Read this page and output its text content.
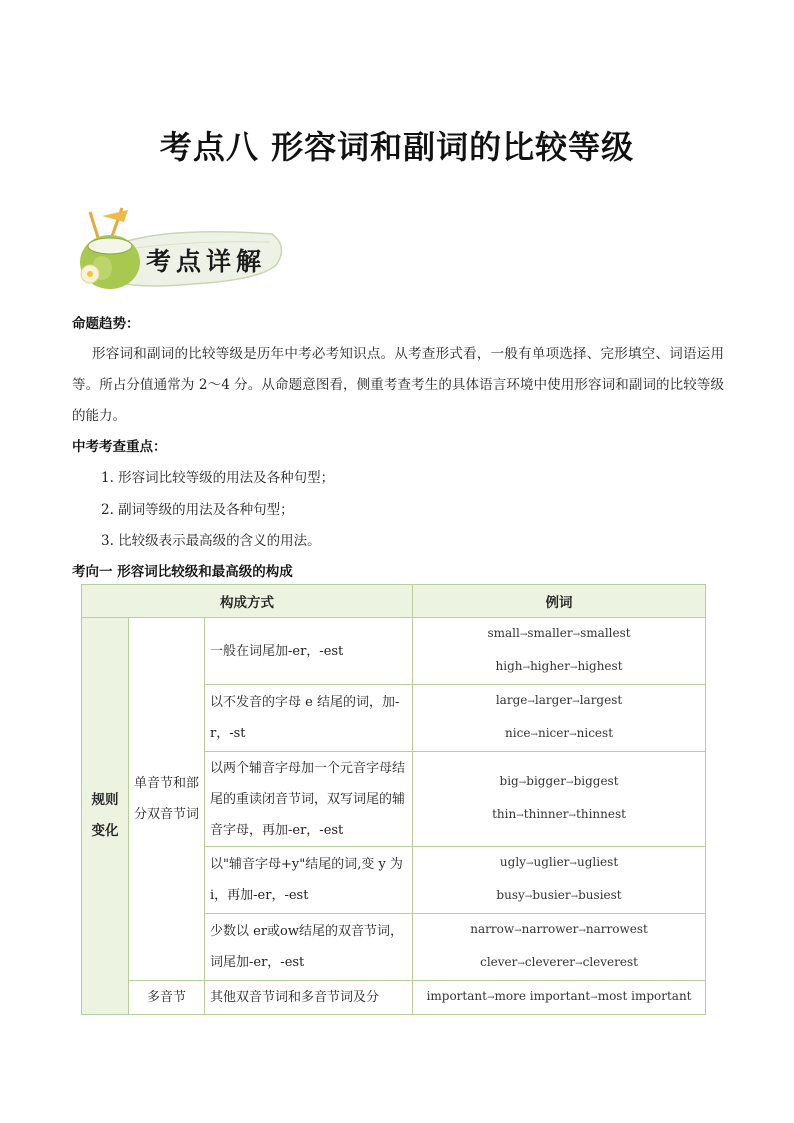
考点八 形容词和副词的比较等级
考点详解
命题趋势：
形容词和副词的比较等级是历年中考必考知识点。从考查形式看，一般有单项选择、完形填空、词语运用等。所占分值通常为 2～4 分。从命题意图看，侧重考查考生的具体语言环境中使用形容词和副词的比较等级的能力。
中考考查重点：
1. 形容词比较等级的用法及各种句型；
2. 副词等级的用法及各种句型；
3. 比较级表示最高级的含义的用法。
考向一 形容词比较级和最高级的构成
构成方式			例词
规则变化	单音节和部分双音节词	一般在词尾加-er，-est	small→smaller→smallest
high→higher→highest

		以不发音的字母 e 结尾的词，加-r，-st	large→larger→largest
nice→nicer→nicest

		以两个辅音字母加一个元音字母结尾的重读闭音节词，双写词尾的辅音字母，再加-er，-est	big→bigger→biggest
thin→thinner→thinnest

		以"辅音字母+y"结尾的词,变 y 为 i，再加-er，-est	ugly→uglier→ugliest
busy→busier→busiest

		少数以 er或ow结尾的双音节词，词尾加-er，-est	narrow→narrower→narrowest
clever→cleverer→cleverest

	多音节	其他双音节词和多音节词及分	important→more important→most important
